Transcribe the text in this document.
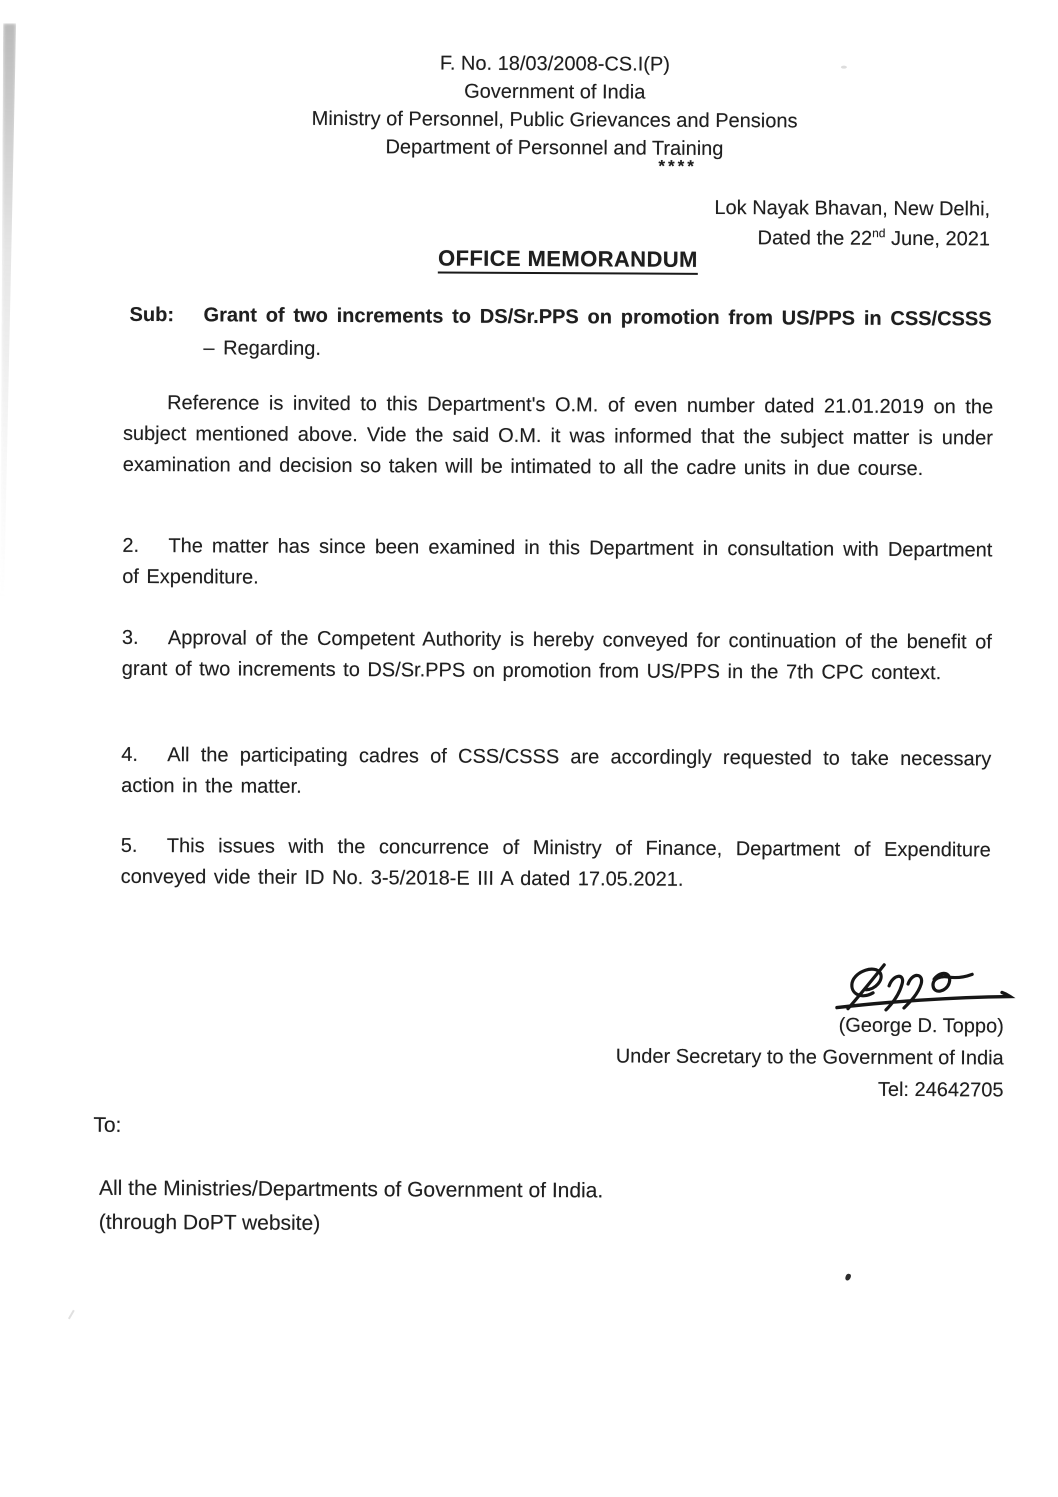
F. No. 18/03/2008-CS.I(P)
Government of India
Ministry of Personnel, Public Grievances and Pensions
Department of Personnel and Training
****
Lok Nayak Bhavan, New Delhi,
Dated the 22nd June, 2021
OFFICE MEMORANDUM
Sub: Grant of two increments to DS/Sr.PPS on promotion from US/PPS in CSS/CSSS – Regarding.

Reference is invited to this Department's O.M. of even number dated 21.01.2019 on the subject mentioned above. Vide the said O.M. it was informed that the subject matter is under examination and decision so taken will be intimated to all the cadre units in due course.

2. The matter has since been examined in this Department in consultation with Department of Expenditure.

3. Approval of the Competent Authority is hereby conveyed for continuation of the benefit of grant of two increments to DS/Sr.PPS on promotion from US/PPS in the 7th CPC context.

4. All the participating cadres of CSS/CSSS are accordingly requested to take necessary action in the matter.

5. This issues with the concurrence of Ministry of Finance, Department of Expenditure conveyed vide their ID No. 3-5/2018-E III A dated 17.05.2021.

(George D. Toppo)
Under Secretary to the Government of India
Tel: 24642705
To:
All the Ministries/Departments of Government of India.
(through DoPT website)
